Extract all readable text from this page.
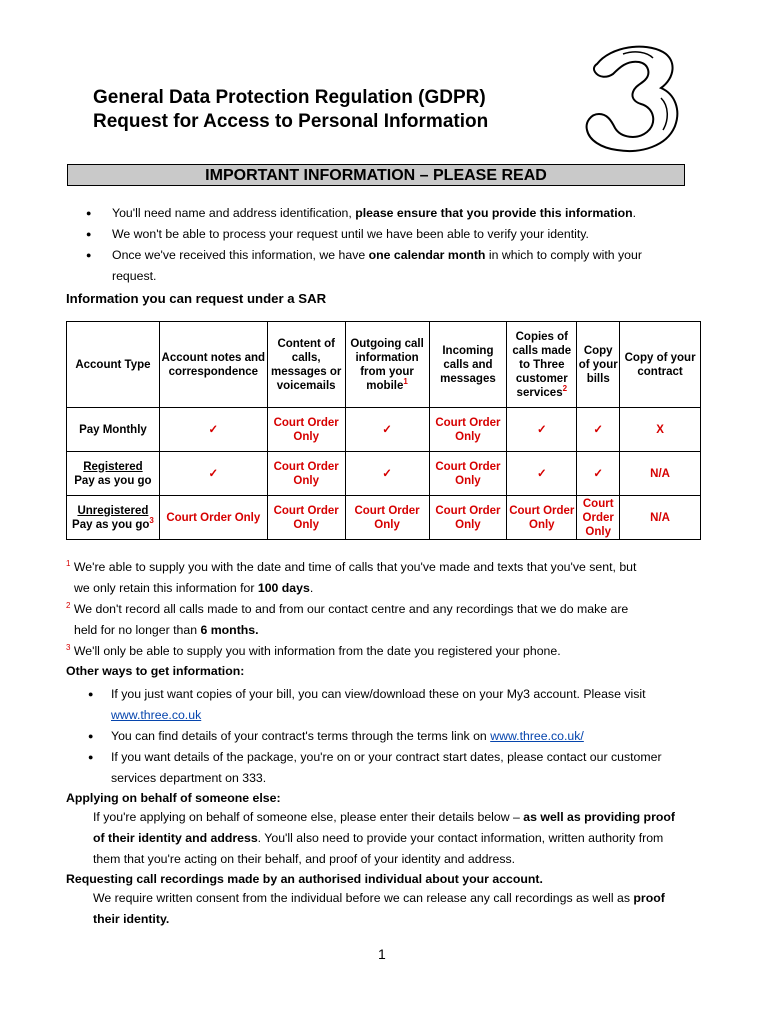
General Data Protection Regulation (GDPR)
Request for Access to Personal Information
IMPORTANT INFORMATION – PLEASE READ
● You'll need name and address identification, please ensure that you provide this information.
● We won't be able to process your request until we have been able to verify your identity.
● Once we've received this information, we have one calendar month in which to comply with your request.
Information you can request under a SAR
Account Type	Account notes and correspondence	Content of calls, messages or voicemails	Outgoing call information from your mobile$^1$	Incoming calls and messages	Copies of calls made to Three customer services$^2$	Copy of your bills	Copy of your contract
Pay Monthly	✓	Court Order Only	✓	Court Order Only	✓	✓	X
Registered
Pay as you go	✓	Court Order Only	✓	Court Order Only	✓	✓	N/A
Unregistered
Pay as you $go^3$	Court Order Only	Court Order Only	Court Order Only	Court Order Only	Court Order Only	Court Order Only	N/A
$^1$ We're able to supply you with the date and time of calls that you've made and texts that you've sent, but
we only retain this information for 100 days.
$^2$ We don't record all calls made to and from our contact centre and any recordings that we do make are
held for no longer than 6 months.
$^3$ We'll only be able to supply you with information from the date you registered your phone.
Other ways to get information:
● If you just want copies of your bill, you can view/download these on your My3 account. Please visit
www.three.co.uk
● You can find details of your contract's terms through the terms link on www.three.co.uk/
● If you want details of the package, you're on or your contract start dates, please contact our customer services department on 333.
Applying on behalf of someone else:
If you're applying on behalf of someone else, please enter their details below – as well as providing proof of their identity and address. You'll also need to provide your contact information, written authority from them that you're acting on their behalf, and proof of your identity and address.
Requesting call recordings made by an authorised individual about your account.
We require written consent from the individual before we can release any call recordings as well as proof their identity.
1
